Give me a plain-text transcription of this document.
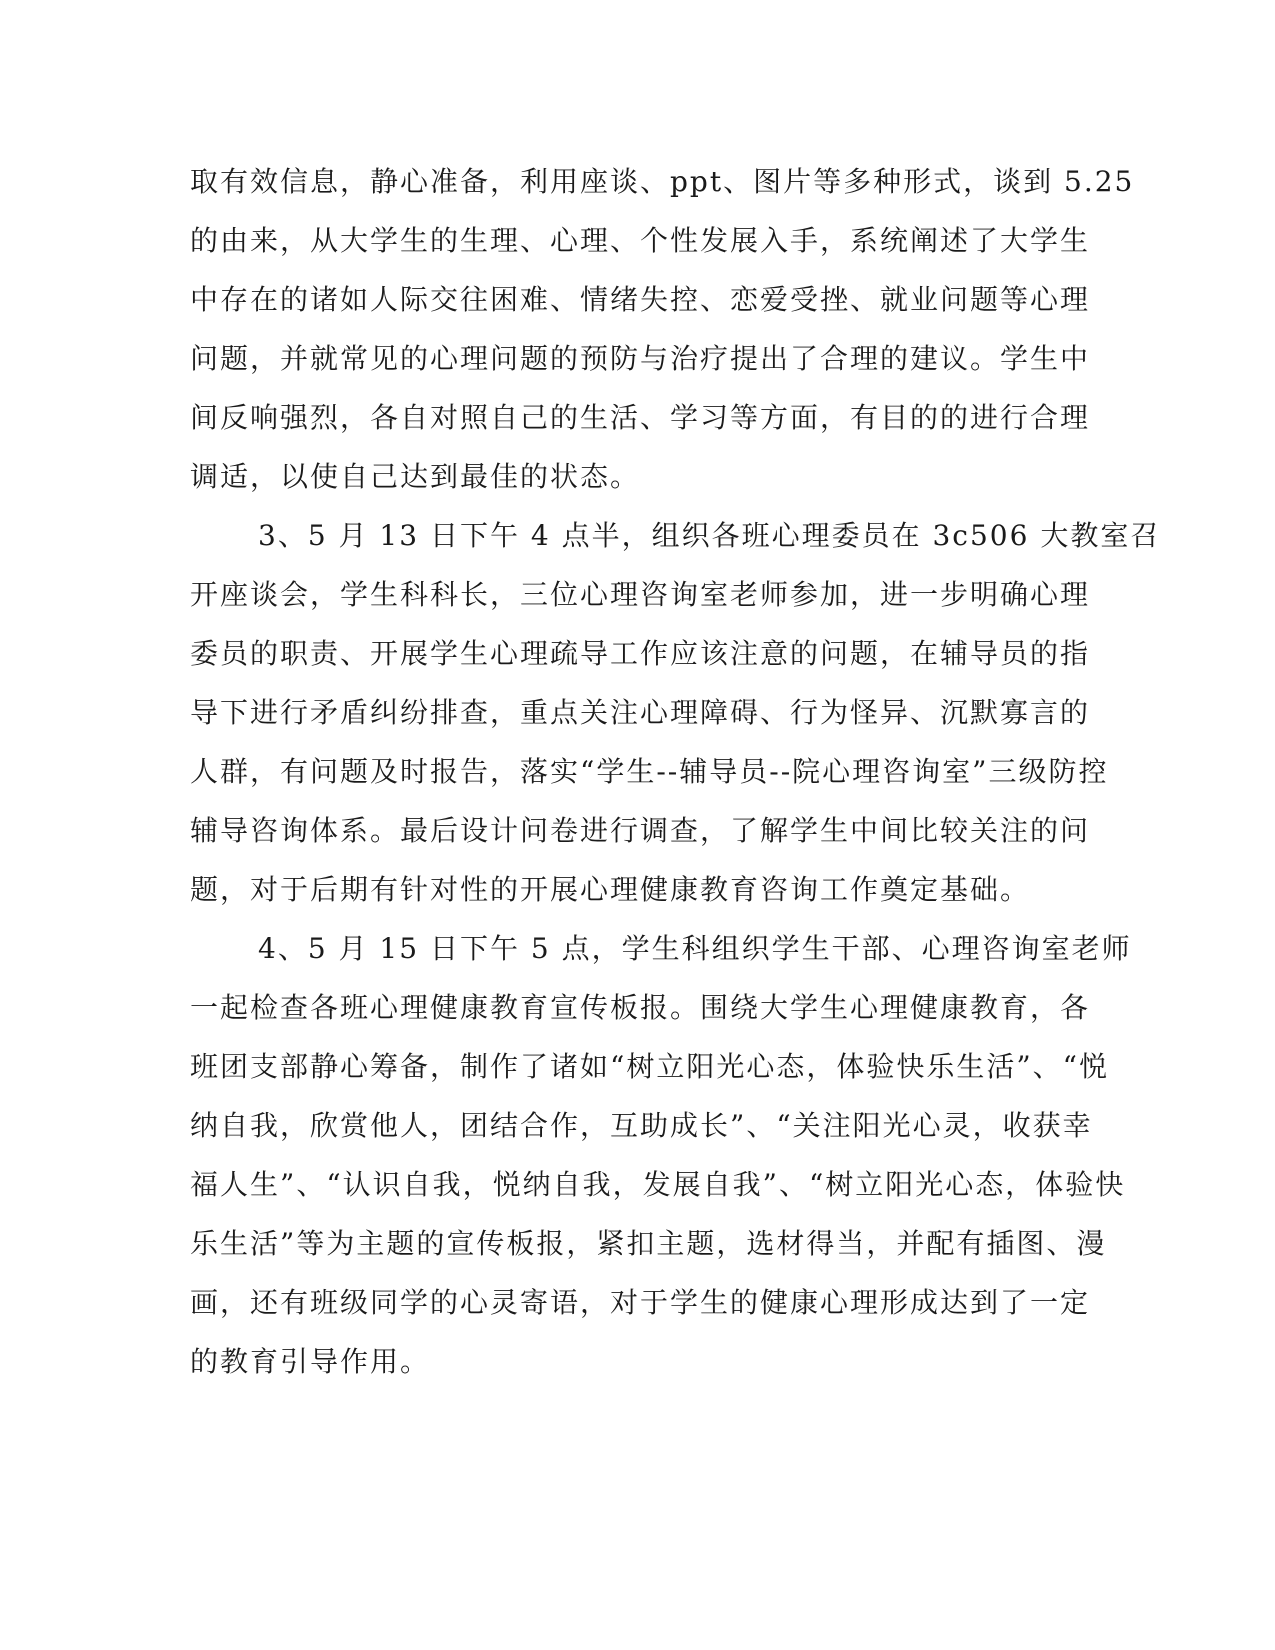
取有效信息，静心准备，利用座谈、ppt、图片等多种形式，谈到 5.25
的由来，从大学生的生理、心理、个性发展入手，系统阐述了大学生
中存在的诸如人际交往困难、情绪失控、恋爱受挫、就业问题等心理
问题，并就常见的心理问题的预防与治疗提出了合理的建议。学生中
间反响强烈，各自对照自己的生活、学习等方面，有目的的进行合理
调适，以使自己达到最佳的状态。
3、5 月 13 日下午 4 点半，组织各班心理委员在 3c506 大教室召
开座谈会，学生科科长，三位心理咨询室老师参加，进一步明确心理
委员的职责、开展学生心理疏导工作应该注意的问题，在辅导员的指
导下进行矛盾纠纷排查，重点关注心理障碍、行为怪异、沉默寡言的
人群，有问题及时报告，落实“学生--辅导员--院心理咨询室”三级防控
辅导咨询体系。最后设计问卷进行调查，了解学生中间比较关注的问
题，对于后期有针对性的开展心理健康教育咨询工作奠定基础。
4、5 月 15 日下午 5 点，学生科组织学生干部、心理咨询室老师
一起检查各班心理健康教育宣传板报。围绕大学生心理健康教育，各
班团支部静心筹备，制作了诸如“树立阳光心态，体验快乐生活”、“悦
纳自我，欣赏他人，团结合作，互助成长”、“关注阳光心灵，收获幸
福人生”、“认识自我，悦纳自我，发展自我”、“树立阳光心态，体验快
乐生活”等为主题的宣传板报，紧扣主题，选材得当，并配有插图、漫
画，还有班级同学的心灵寄语，对于学生的健康心理形成达到了一定
的教育引导作用。
